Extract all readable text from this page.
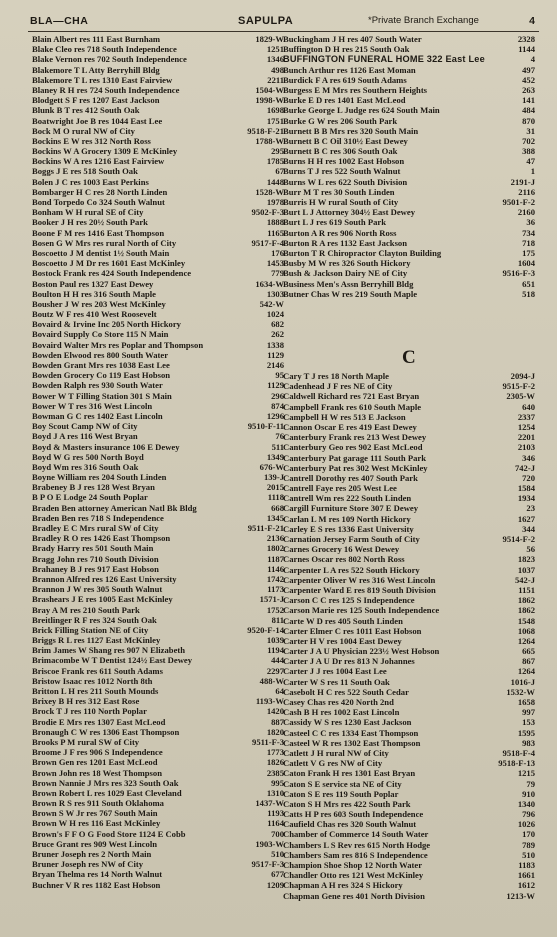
BLA—CHA	SAPULPA	*Private Branch Exchange	4
Blain Albert res 111 East Burnham	1829-W
Blake Cleo res 718 South Independence	1251
Blake Vernon res 702 South Independence	1346
Blakemore T L Atty Berryhill Bldg	498
Blakemore T L res 1310 East Fairview	2211
Blaney R H res 724 South Independence	1504-W
Blodgett S F res 1207 East Jackson	1998-W
Blunk B T res 412 South Oak	1698
Boatwright Joe B res 1044 East Lee	1751
Bock M O rural NW of City	9518-F-21
Bockins E W res 312 North Ross	1788-W
Bockins W A Grocery 1309 E McKinley	295
Bockins W A res 1216 East Fairview	1785
Boggs J E res 518 South Oak	67
Bolen J C res 1003 East Perkins	1448
Bombarger H C res 28 North Linden	1528-W
Bond Torpedo Co 324 South Walnut	1978
Bonham W H rural SE of City	9502-F-3
Booker J H res 20½ South Park	1888
Boone F M res 1416 East Thompson	1165
Bosen G W Mrs res rural North of City	9517-F-4
Boscoetto J M dentist 1½ South Main	176
Boscoetto J M Dr res 1601 East McKinley	1453
Bostock Frank res 424 South Independence	779
Boston Paul res 1327 East Dewey	1634-W
Boulton H H res 316 South Maple	1303
Bousher J W res 203 West McKinley	542-W
Boutz W F res 410 West Roosevelt	1024
Bovaird & Irvine Inc 205 North Hickory	682
Bovaird Supply Co Store 115 N Main	262
Bovaird Walter Mrs res Poplar and Thompson	1338
Bowden Elwood res 800 South Water	1129
Bowden Grant Mrs res 1038 East Lee	2146
Bowden Grocery Co 119 East Hobson	95
Bowden Ralph res 930 South Water	1129
Bower W T Filling Station 301 S Main	296
Bower W T res 316 West Lincoln	874
Bowman G C res 1402 East Lincoln	1296
Boy Scout Camp NW of City	9510-F-11
Boyd J A res 116 West Bryan	76
Boyd & Masters insurance 106 E Dewey	511
Boyd W G res 500 North Boyd	1349
Boyd Wm res 316 South Oak	676-W
Boyne William res 204 South Linden	139-J
Brabeney B J res 128 West Bryan	2015
B P O E Lodge 24 South Poplar	1118
Braden Ben attorney American Natl Bk Bldg	668
Braden Ben res 718 S Independence	1345
Bradley E C Mrs rural SW of City	9511-F-21
Bradley R O res 1426 East Thompson	2136
Brady Harry res 501 South Main	1802
Bragg John res 710 South Division	1187
Brahaney B J res 917 East Hobson	1146
Brannon Alfred res 126 East University	1742
Brannon J W res 305 South Walnut	1173
Brashears J E res 1005 East McKinley	1571-J
Bray A M res 210 South Park	1752
Breitlinger R F res 324 South Oak	811
Brick Filling Station NE of City	9520-F-14
Briggs R L res 1127 East McKinley	1039
Brim James W Shang res 907 N Elizabeth	1194
Brimacombe W T Dentist 124½ East Dewey	444
Briscoe Frank res 611 South Adams	2297
Bristow Isaac res 1012 North 8th	488-W
Britton L H res 211 South Mounds	64
Brixey B H res 312 East Rose	1193-W
Brock T J res 110 North Poplar	1420
Brodie E Mrs res 1307 East McLeod	887
Bronaugh C W res 1306 East Thompson	1820
Brooks P M rural SW of City	9511-F-3
Broome J F res 906 S Independence	1773
Brown Gen res 1201 East McLeod	1826
Brown John res 18 West Thompson	2385
Brown Nannie J Mrs res 323 South Oak	995
Brown Robert L res 1029 East Cleveland	1310
Brown R S res 911 South Oklahoma	1437-W
Brown S W Jr res 767 South Main	1193
Brown W H res 116 East McKinley	1164
Brown's F F O G Food Store 1124 E Cobb	700
Bruce Grant res 909 West Lincoln	1903-W
Bruner Joseph res 2 North Main	510
Bruner Joseph res NW of City	9517-F-3
Bryan Thelma res 14 North Walnut	677
Buchner V R res 1182 East Hobson	1209
Buckingham J H res 407 South Water	2328
Buffington D H res 215 South Oak	1144
BUFFINGTON FUNERAL HOME 322 East Lee	4
Bunch Arthur res 1126 East Moman	497
Burdick F A res 619 South Adams	452
Burgess E M Mrs res Southern Heights	263
Burke E D res 1401 East McLeod	141
Burke George L Judge res 624 South Main	484
Burke G W res 206 South Park	870
Burnett B B Mrs res 320 South Main	31
Burnett B C Oil 310½ East Dewey	702
Burnett B C res 306 South Oak	388
Burns H H res 1002 East Hobson	47
Burns T J res 522 South Walnut	1
Burns W L res 622 South Division	2191-J
Burr M T res 30 South Linden	2116
Burris H W rural South of City	9501-F-2
Burt L J Attorney 304½ East Dewey	2160
Burt L J res 619 South Park	36
Burton A R res 906 North Ross	734
Burton R A res 1132 East Jackson	718
Burton T R Chiropractor Clayton Building	175
Busby M W res 326 South Hickory	1604
Bush & Jackson Dairy NE of City	9516-F-3
Business Men's Assn Berryhill Bldg	651
Butner Chas W res 219 South Maple	518
C
Cary T J res 18 North Maple	2094-J
Cadenhead J F res NE of City	9515-F-2
Caldwell Richard res 721 East Bryan	2305-W
Campbell Frank res 610 South Maple	640
Campbell H W res 513 E Jackson	2337
Cannon Oscar E res 419 East Dewey	1254
Canterbury Frank res 213 West Dewey	2201
Canterbury Geo res 902 East McLeod	2103
Canterbury Pat garage 111 South Park	346
Canterbury Pat res 302 West McKinley	742-J
Cantrell Dorothy res 407 South Park	720
Cantrell Faye res 205 West Lee	1584
Cantrell Wm res 222 South Linden	1934
Cargill Furniture Store 307 E Dewey	23
Carlan L M res 109 North Hickory	1627
Carley E S res 1336 East University	344
Carnation Jersey Farm South of City	9514-F-2
Carnes Grocery 16 West Dewey	56
Carnes Oscar res 802 North Ross	1823
Carpenter L A res 522 South Hickory	1037
Carpenter Oliver W res 316 West Lincoln	542-J
Carpenter Ward E res 819 South Division	1151
Carson C C res 125 S Independence	1862
Carson Marie res 125 South Independence	1862
Carte W D res 405 South Linden	1548
Carter Elmer C res 1011 East Hobson	1068
Carter H V res 1004 East Dewey	1264
Carter J A U Physician 223½ West Hobson	665
Carter J A U Dr res 813 N Johannes	867
Carter J J res 1004 East Lee	1264
Carter W S res 11 South Oak	1016-J
Casebolt H C res 522 South Cedar	1532-W
Casey Chas res 420 North 2nd	1658
Cash B H res 1002 East Lincoln	997
Cassidy W S res 1230 East Jackson	153
Casteel C C res 1334 East Thompson	1595
Casteel W R res 1302 East Thompson	983
Catlett J H rural NW of City	9518-F-4
Catlett V G res NW of City	9518-F-13
Caton Frank H res 1301 East Bryan	1215
Caton S E service sta NE of City	79
Caton S E res 119 South Poplar	910
Caton S H Mrs res 422 South Park	1340
Catts H P res 603 South Independence	796
Caufield Chas res 320 South Walnut	1026
Chamber of Commerce 14 South Water	170
Chambers L S Rev res 615 North Hodge	789
Chambers Sam res 816 S Independence	510
Champion Shoe Shop 12 North Water	1183
Chandler Otto res 121 West McKinley	1661
Chapman A H res 324 S Hickory	1612
Chapman Gene res 401 North Division	1213-W
